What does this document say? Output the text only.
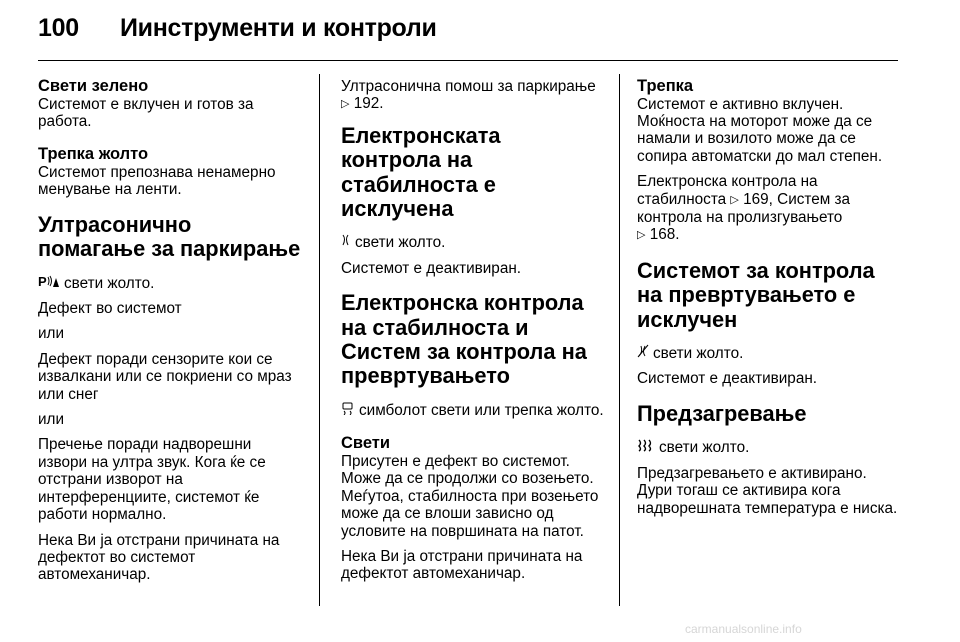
100 Иинструменти и контроли

Свети зелено

Системот е вклучен и готов за работа.

Трепка жолто

Системот препознава ненамерно менување на ленти.

Ултрасонично помагање за паркирање

P свети жолто.

Дефект во системот

или

Дефект поради сензорите кои се извалкани или се покриени со мраз или снег

или

Пречење поради надворешни извори на ултра звук. Кога ќе се отстрани изворот на интерференциите, системот ќе работи нормално.

Нека Ви ја отстрани причината на дефектот во системот автомеханичар.

Ултрасонична помош за паркирање ▷ 192.

Електронската контрола на стабилноста е исклучена

свети жолто.

Системот е деактивиран.

Електронска контрола на стабилноста и Систем за контрола на превртувањето

симболот свети или трепка жолто.

Свети

Присутен е дефект во системот. Може да се продолжи со возењето. Меѓутоа, стабилноста при возењето може да се влоши зависно од условите на површината на патот.

Нека Ви ја отстрани причината на дефектот автомеханичар.

Трепка

Системот е активно вклучен. Моќноста на моторот може да се намали и возилото може да се сопира автоматски до мал степен.

Електронска контрола на стабилноста ▷ 169, Систем за контрола на пролизгувањето
▷ 168.

Системот за контрола на превртувањето е исклучен

свети жолто.

Системот е деактивиран.

Предзагревање

свети жолто.

Предзагревањето е активирано. Дури тогаш се активира кога надворешната температура е ниска.

carmanualsonline.info
